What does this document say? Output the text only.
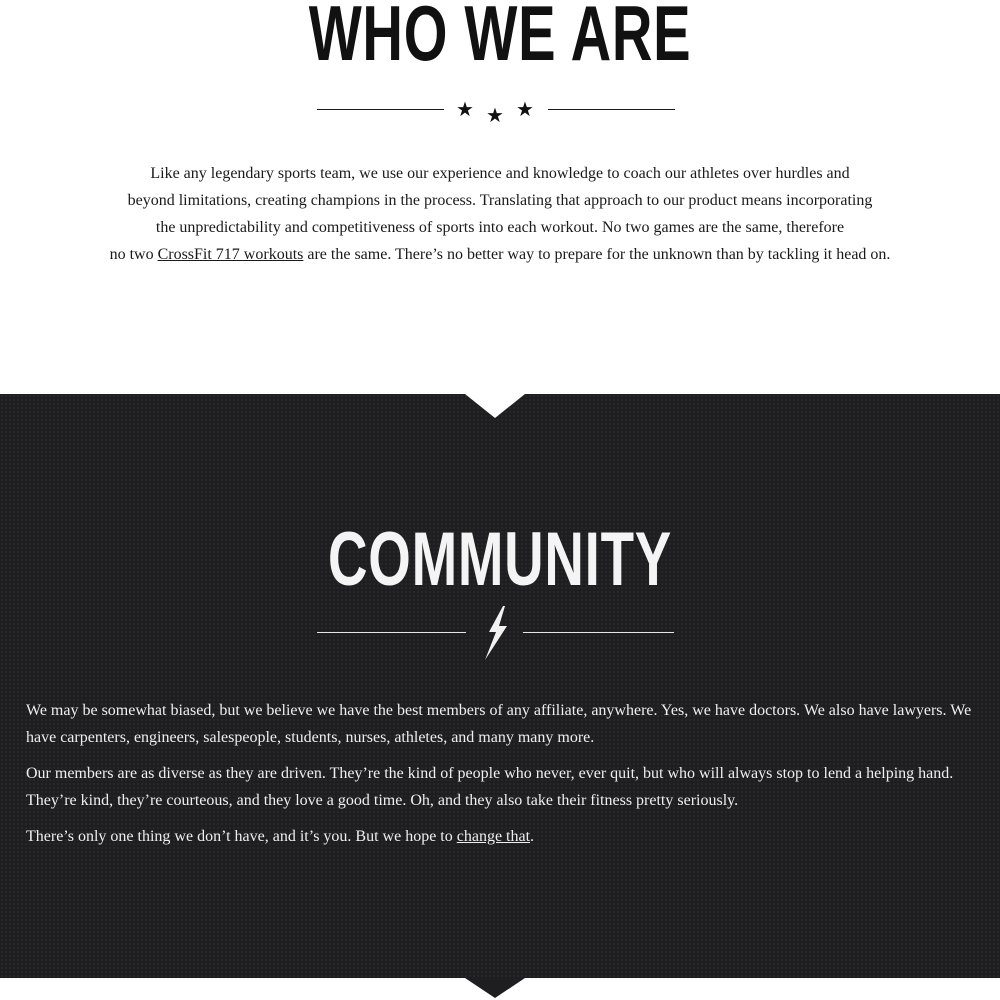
WHO WE ARE
★ ★ ★

Like any legendary sports team, we use our experience and knowledge to coach our athletes over hurdles and

beyond limitations, creating champions in the process. Translating that approach to our product means incorporating

the unpredictability and competitiveness of sports into each workout. No two games are the same, therefore

no two CrossFit 717 workouts are the same. There’s no better way to prepare for the unknown than by tackling it head on.

COMMUNITY

We may be somewhat biased, but we believe we have the best members of any affiliate, anywhere. Yes, we have doctors. We also have lawyers. We have carpenters, engineers, salespeople, students, nurses, athletes, and many many more.

Our members are as diverse as they are driven. They’re the kind of people who never, ever quit, but who will always stop to lend a helping hand. They’re kind, they’re courteous, and they love a good time. Oh, and they also take their fitness pretty seriously.

There’s only one thing we don’t have, and it’s you. But we hope to change that.
